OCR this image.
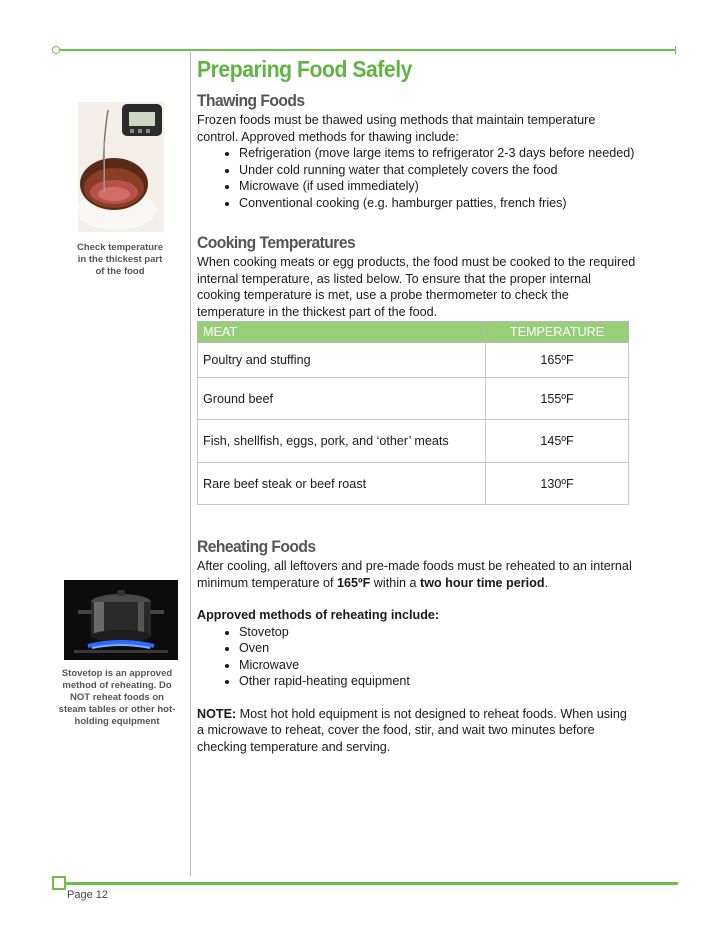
Check temperature in the thickest part of the food
Stovetop is an approved method of reheating. Do NOT reheat foods on steam tables or other hot-holding equipment
Preparing Food Safely
Thawing Foods

Frozen foods must be thawed using methods that maintain temperature control. Approved methods for thawing include:

• Refrigeration (move large items to refrigerator 2-3 days before needed)
• Under cold running water that completely covers the food
• Microwave (if used immediately)
• Conventional cooking (e.g. hamburger patties, french fries)
Cooking Temperatures

When cooking meats or egg products, the food must be cooked to the required internal temperature, as listed below. To ensure that the proper internal cooking temperature is met, use a probe thermometer to check the temperature in the thickest part of the food.

MEAT	TEMPERATURE
Poultry and stuffing	165ºF
Ground beef	155ºF
Fish, shellfish, eggs, pork, and ‘other’ meats	145ºF
Rare beef steak or beef roast	130ºF
Reheating Foods

After cooling, all leftovers and pre-made foods must be reheated to an internal minimum temperature of 165ºF within a two hour time period.

Approved methods of reheating include:

• Stovetop
• Oven
• Microwave
• Other rapid-heating equipment

NOTE: Most hot hold equipment is not designed to reheat foods. When using a microwave to reheat, cover the food, stir, and wait two minutes before checking temperature and serving.

Page 12
